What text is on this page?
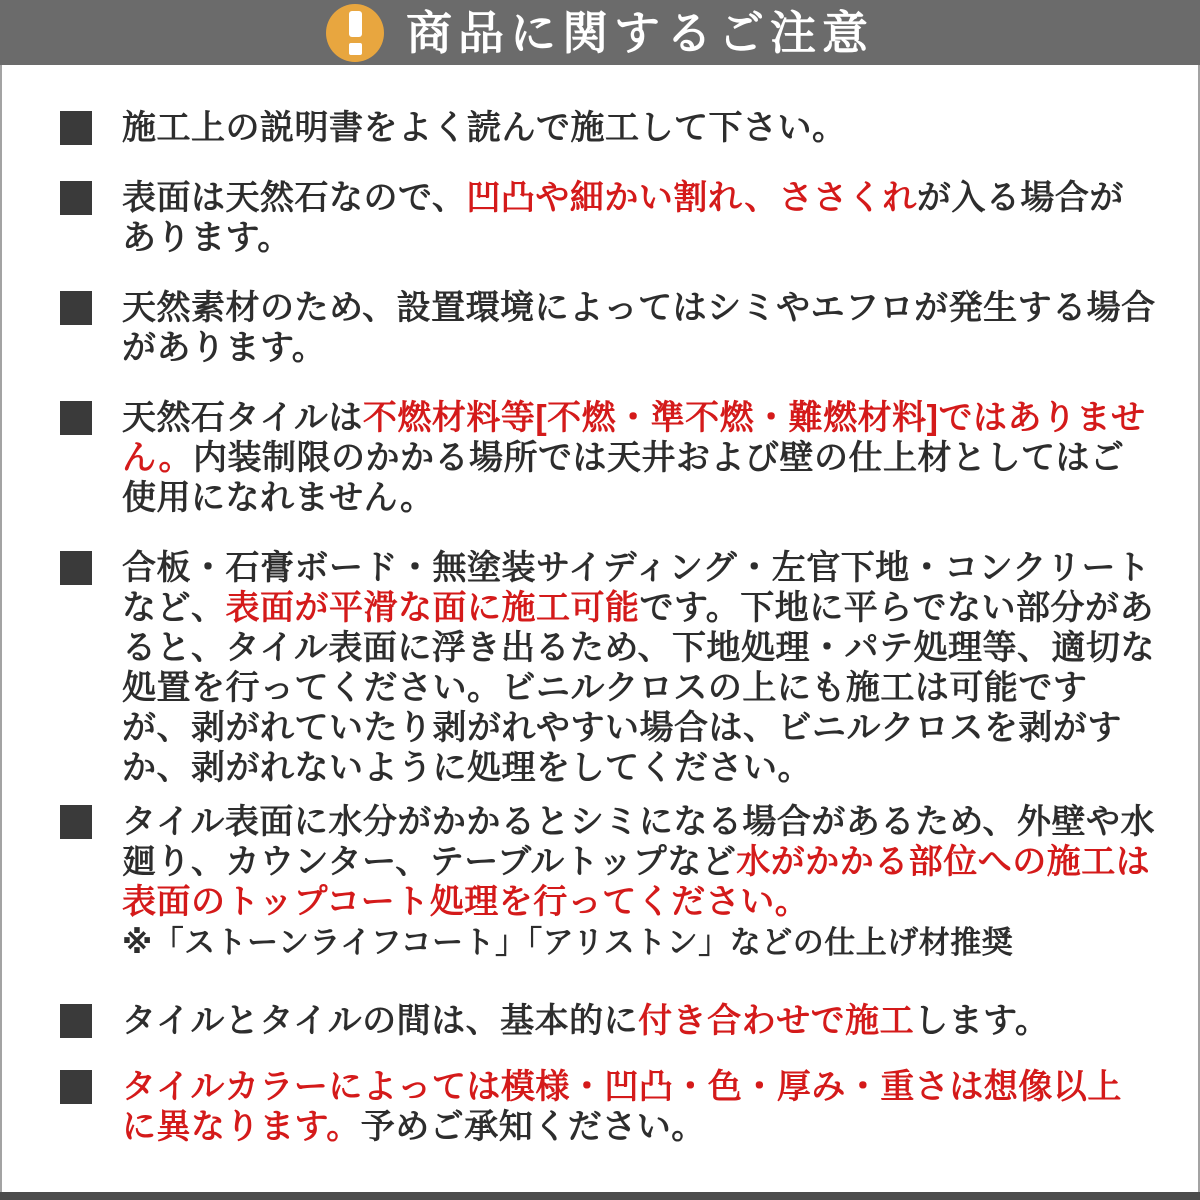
商品に関するご注意

施工上の説明書をよく読んで施工して下さい。

表面は天然石なので、凹凸や細かい割れ、ささくれが入る場合があります。

天然素材のため、設置環境によってはシミやエフロが発生する場合があります。

天然石タイルは不燃材料等[不燃・準不燃・難燃材料]ではありません。内装制限のかかる場所では天井および壁の仕上材としてはご使用になれません。

合板・石膏ボード・無塗装サイディング・左官下地・コンクリートなど、表面が平滑な面に施工可能です。下地に平らでない部分があると、タイル表面に浮き出るため、下地処理・パテ処理等、適切な処置を行ってください。ビニルクロスの上にも施工は可能ですが、剥がれていたり剥がれやすい場合は、ビニルクロスを剥がすか、剥がれないように処理をしてください。

タイル表面に水分がかかるとシミになる場合があるため、外壁や水廻り、カウンター、テーブルトップなど水がかかる部位への施工は表面のトップコート処理を行ってください。
※「ストーンライフコート」「アリストン」などの仕上げ材推奨

タイルとタイルの間は、基本的に付き合わせで施工します。

タイルカラーによっては模様・凹凸・色・厚み・重さは想像以上に異なります。予めご承知ください。
